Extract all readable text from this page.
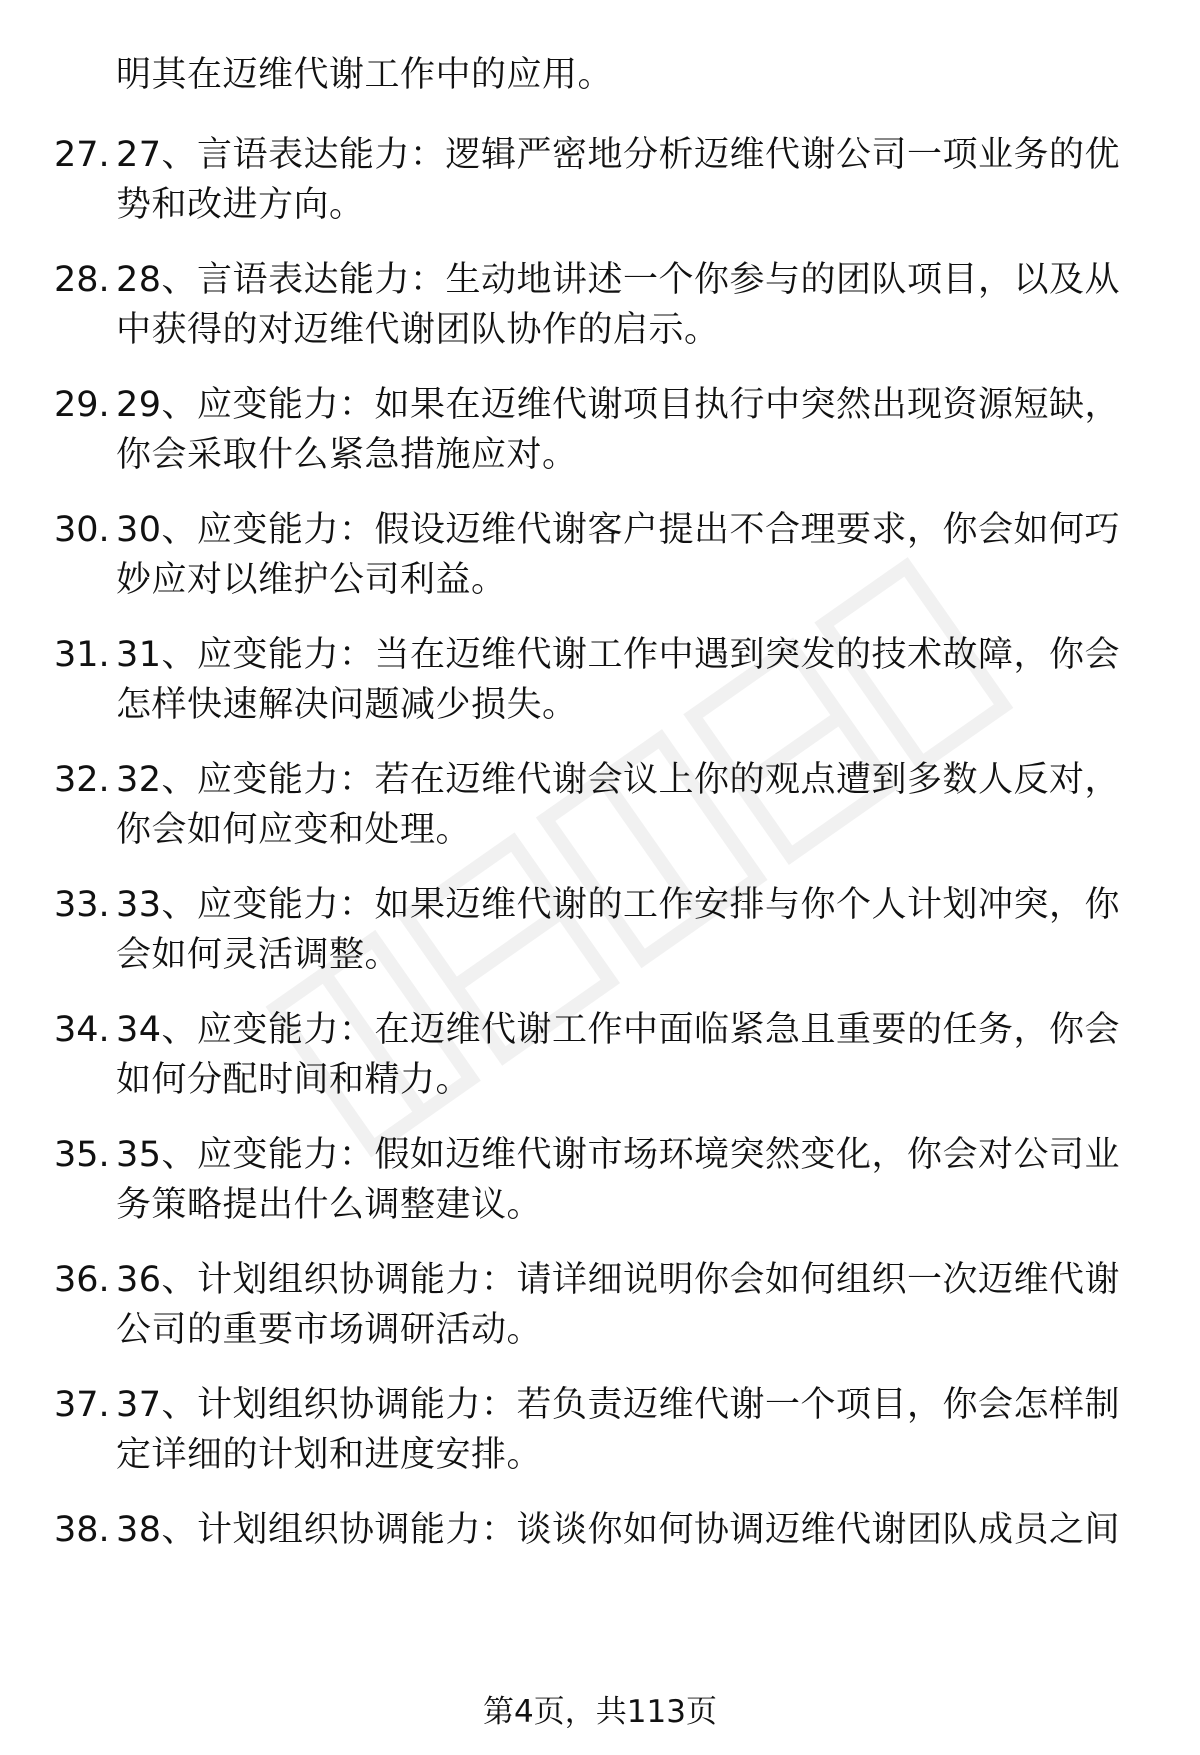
明其在迈维代谢工作中的应用。
27. 27、言语表达能力：逻辑严密地分析迈维代谢公司一项业务的优
势和改进方向。
28. 28、言语表达能力：生动地讲述一个你参与的团队项目，以及从
中获得的对迈维代谢团队协作的启示。
29. 29、应变能力：如果在迈维代谢项目执行中突然出现资源短缺，
你会采取什么紧急措施应对。
30. 30、应变能力：假设迈维代谢客户提出不合理要求，你会如何巧
妙应对以维护公司利益。
31. 31、应变能力：当在迈维代谢工作中遇到突发的技术故障，你会
怎样快速解决问题减少损失。
32. 32、应变能力：若在迈维代谢会议上你的观点遭到多数人反对，
你会如何应变和处理。
33. 33、应变能力：如果迈维代谢的工作安排与你个人计划冲突，你
会如何灵活调整。
34. 34、应变能力：在迈维代谢工作中面临紧急且重要的任务，你会
如何分配时间和精力。
35. 35、应变能力：假如迈维代谢市场环境突然变化，你会对公司业
务策略提出什么调整建议。
36. 36、计划组织协调能力：请详细说明你会如何组织一次迈维代谢
公司的重要市场调研活动。
37. 37、计划组织协调能力：若负责迈维代谢一个项目，你会怎样制
定详细的计划和进度安排。
38. 38、计划组织协调能力：谈谈你如何协调迈维代谢团队成员之间
第4页，共113页
